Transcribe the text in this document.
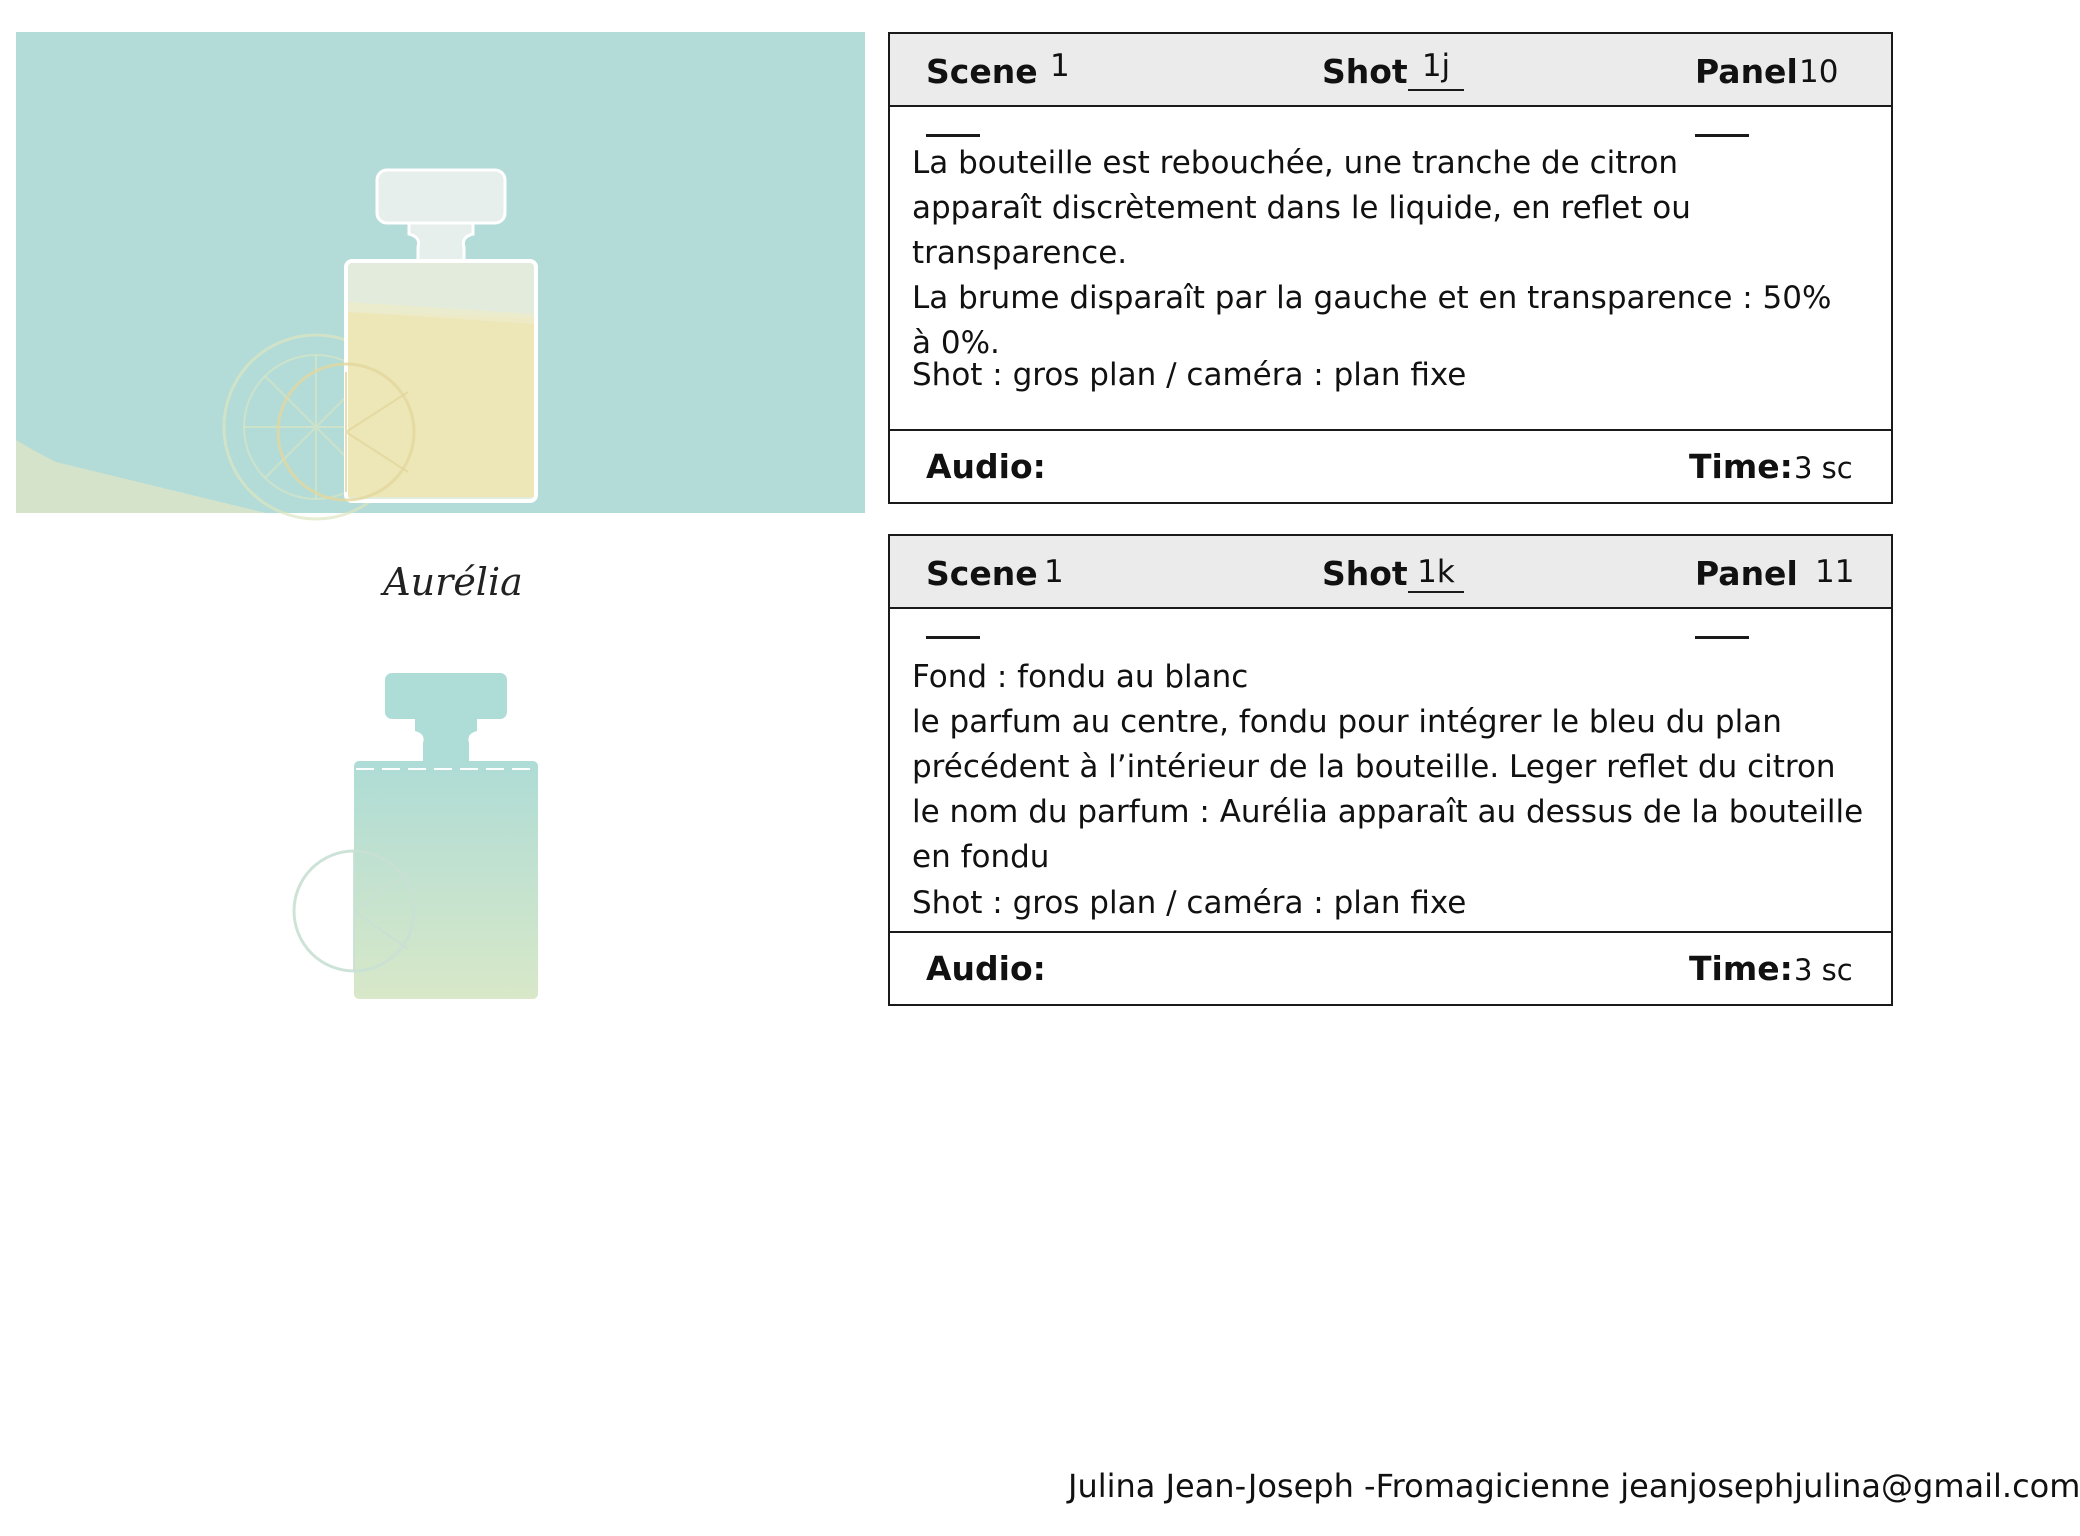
Aurélia
Scene 1	Shot 1j	Panel 10
La bouteille est rebouchée, une tranche de citron
apparaît discrètement dans le liquide, en reflet ou
transparence.
La brume disparaît par la gauche et en transparence : 50%
à 0%.
Shot : gros plan / caméra : plan fixe
Audio:	Time: 3 sc
Scene 1	Shot 1k	Panel 11
Fond : fondu au blanc
le parfum au centre, fondu pour intégrer le bleu du plan
précédent à l’intérieur de la bouteille. Leger reflet du citron
le nom du parfum : Aurélia apparaît au dessus de la bouteille
en fondu
Shot : gros plan / caméra : plan fixe
Audio:	Time: 3 sc
Julina Jean-Joseph -Fromagicienne jeanjosephjulina@gmail.com
